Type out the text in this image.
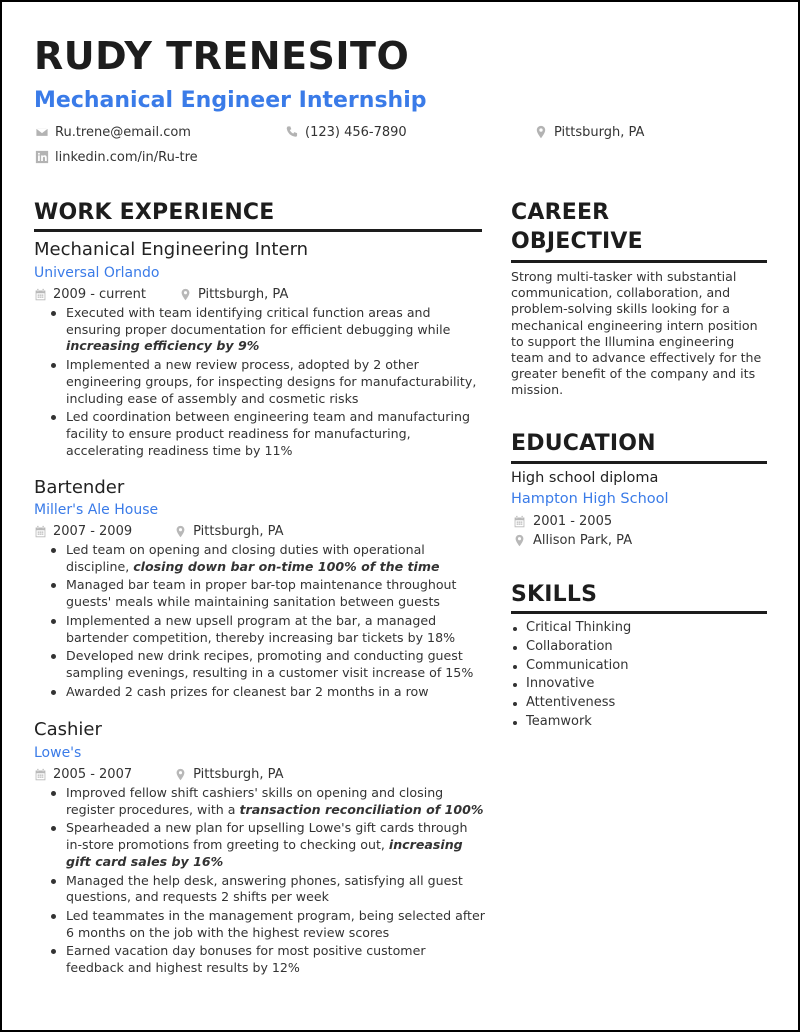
RUDY TRENESITO
Mechanical Engineer Internship
Ru.trene@email.com	(123) 456-7890	Pittsburgh, PA
linkedin.com/in/Ru-tre
WORK EXPERIENCE
Mechanical Engineering Intern
Universal Orlando
2009 - current	Pittsburgh, PA
Executed with team identifying critical function areas and ensuring proper documentation for efficient debugging while increasing efficiency by 9%
Implemented a new review process, adopted by 2 other engineering groups, for inspecting designs for manufacturability, including ease of assembly and cosmetic risks
Led coordination between engineering team and manufacturing facility to ensure product readiness for manufacturing, accelerating readiness time by 11%
Bartender
Miller's Ale House
2007 - 2009	Pittsburgh, PA
Led team on opening and closing duties with operational discipline, closing down bar on-time 100% of the time
Managed bar team in proper bar-top maintenance throughout guests' meals while maintaining sanitation between guests
Implemented a new upsell program at the bar, a managed bartender competition, thereby increasing bar tickets by 18%
Developed new drink recipes, promoting and conducting guest sampling evenings, resulting in a customer visit increase of 15%
Awarded 2 cash prizes for cleanest bar 2 months in a row
Cashier
Lowe's
2005 - 2007	Pittsburgh, PA
Improved fellow shift cashiers' skills on opening and closing register procedures, with a transaction reconciliation of 100%
Spearheaded a new plan for upselling Lowe's gift cards through in-store promotions from greeting to checking out, increasing gift card sales by 16%
Managed the help desk, answering phones, satisfying all guest questions, and requests 2 shifts per week
Led teammates in the management program, being selected after 6 months on the job with the highest review scores
Earned vacation day bonuses for most positive customer feedback and highest results by 12%
CAREER
OBJECTIVE
Strong multi-tasker with substantial communication, collaboration, and problem-solving skills looking for a mechanical engineering intern position to support the Illumina engineering team and to advance effectively for the greater benefit of the company and its mission.
EDUCATION
High school diploma
Hampton High School
2001 - 2005
Allison Park, PA
SKILLS
Critical Thinking
Collaboration
Communication
Innovative
Attentiveness
Teamwork
